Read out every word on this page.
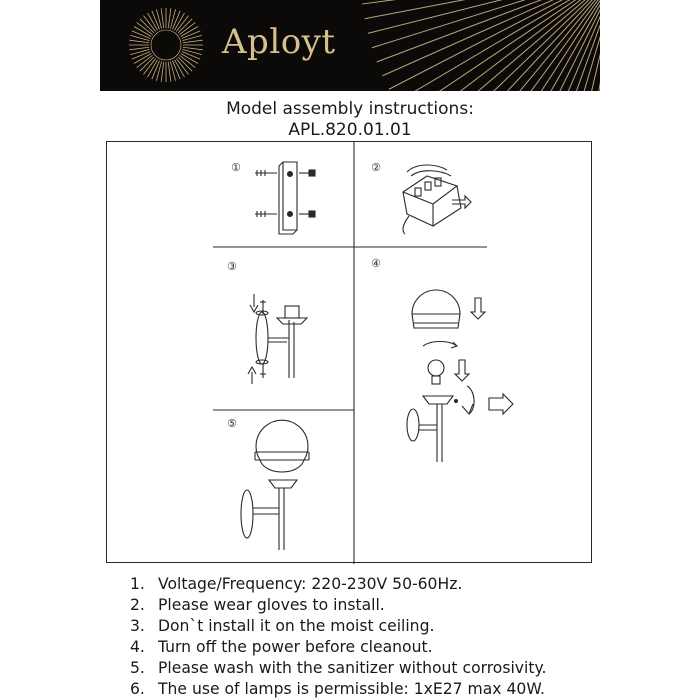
Aployt
Model assembly instructions:
APL.820.01.01
①	②
③	④
⑤
1. Voltage/Frequency: 220-230V 50-60Hz.
2. Please wear gloves to install.
3. Don`t install it on the moist ceiling.
4. Turn off the power before cleanout.
5. Please wash with the sanitizer without corrosivity.
6. The use of lamps is permissible: 1xE27 max 40W.
